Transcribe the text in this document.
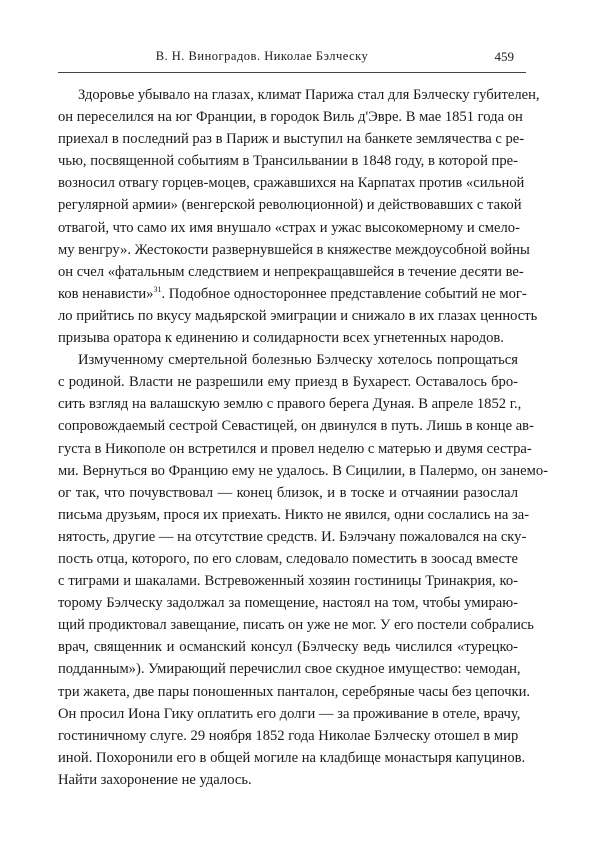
В. Н. Виноградов. Николае Бэлческу	459
Здоровье убывало на глазах, климат Парижа стал для Бэлческу губителен,
он переселился на юг Франции, в городок Виль д'Эвре. В мае 1851 года он
приехал в последний раз в Париж и выступил на банкете землячества с ре-
чью, посвященной событиям в Трансильвании в 1848 году, в которой пре-
возносил отвагу горцев-моцев, сражавшихся на Карпатах против «сильной
регулярной армии» (венгерской революционной) и действовавших с такой
отвагой, что само их имя внушало «страх и ужас высокомерному и смело-
му венгру». Жестокости развернувшейся в княжестве междоусобной войны
он счел «фатальным следствием и непрекращавшейся в течение десяти ве-
ков ненависти»$^{31}$. Подобное одностороннее представление событий не мог-
ло прийтись по вкусу мадьярской эмиграции и снижало в их глазах ценность
призыва оратора к единению и солидарности всех угнетенных народов.
Измученному смертельной болезнью Бэлческу хотелось попрощаться
с родиной. Власти не разрешили ему приезд в Бухарест. Оставалось бро-
сить взгляд на валашскую землю с правого берега Дуная. В апреле 1852 г.,
сопровождаемый сестрой Севастицей, он двинулся в путь. Лишь в конце ав-
густа в Никополе он встретился и провел неделю с матерью и двумя сестра-
ми. Вернуться во Францию ему не удалось. В Сицилии, в Палермо, он занемо-
ог так, что почувствовал — конец близок, и в тоске и отчаянии разослал
письма друзьям, прося их приехать. Никто не явился, одни сослались на за-
нятость, другие — на отсутствие средств. И. Бэлэчану пожаловался на ску-
пость отца, которого, по его словам, следовало поместить в зоосад вместе
с тиграми и шакалами. Встревоженный хозяин гостиницы Тринакрия, ко-
торому Бэлческу задолжал за помещение, настоял на том, чтобы умираю-
щий продиктовал завещание, писать он уже не мог. У его постели собрались
врач, священник и османский консул (Бэлческу ведь числился «турецко-
подданным»). Умирающий перечислил свое скудное имущество: чемодан,
три жакета, две пары поношенных панталон, серебряные часы без цепочки.
Он просил Иона Гику оплатить его долги — за проживание в отеле, врачу,
гостиничному слуге. 29 ноября 1852 года Николае Бэлческу отошел в мир
иной. Похоронили его в общей могиле на кладбище монастыря капуцинов.
Найти захоронение не удалось.
